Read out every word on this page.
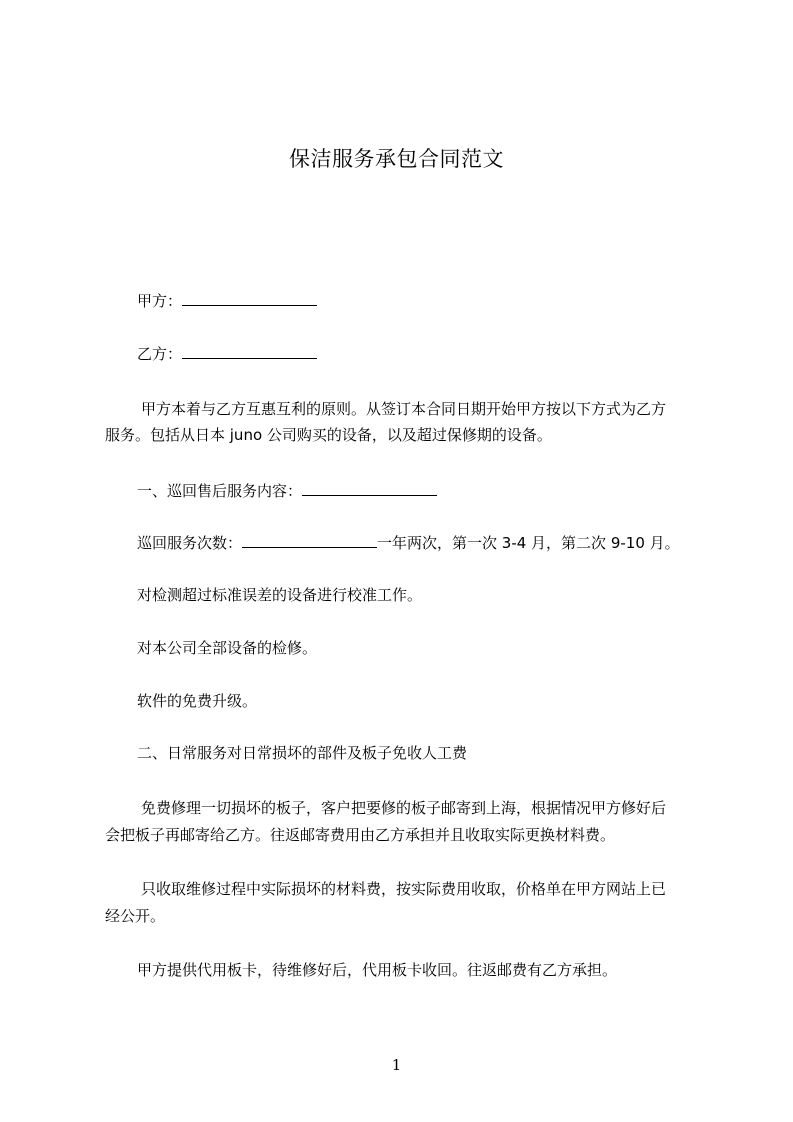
保洁服务承包合同范文
甲方：
乙方：
甲方本着与乙方互惠互利的原则。从签订本合同日期开始甲方按以下方式为乙方
服务。包括从日本 juno 公司购买的设备，以及超过保修期的设备。
一、巡回售后服务内容：
巡回服务次数：	一年两次，第一次 3-4 月，第二次 9-10 月。
对检测超过标准误差的设备进行校准工作。
对本公司全部设备的检修。
软件的免费升级。
二、日常服务对日常损坏的部件及板子免收人工费
免费修理一切损坏的板子，客户把要修的板子邮寄到上海，根据情况甲方修好后
会把板子再邮寄给乙方。往返邮寄费用由乙方承担并且收取实际更换材料费。
只收取维修过程中实际损坏的材料费，按实际费用收取，价格单在甲方网站上已
经公开。
甲方提供代用板卡，待维修好后，代用板卡收回。往返邮费有乙方承担。
1
